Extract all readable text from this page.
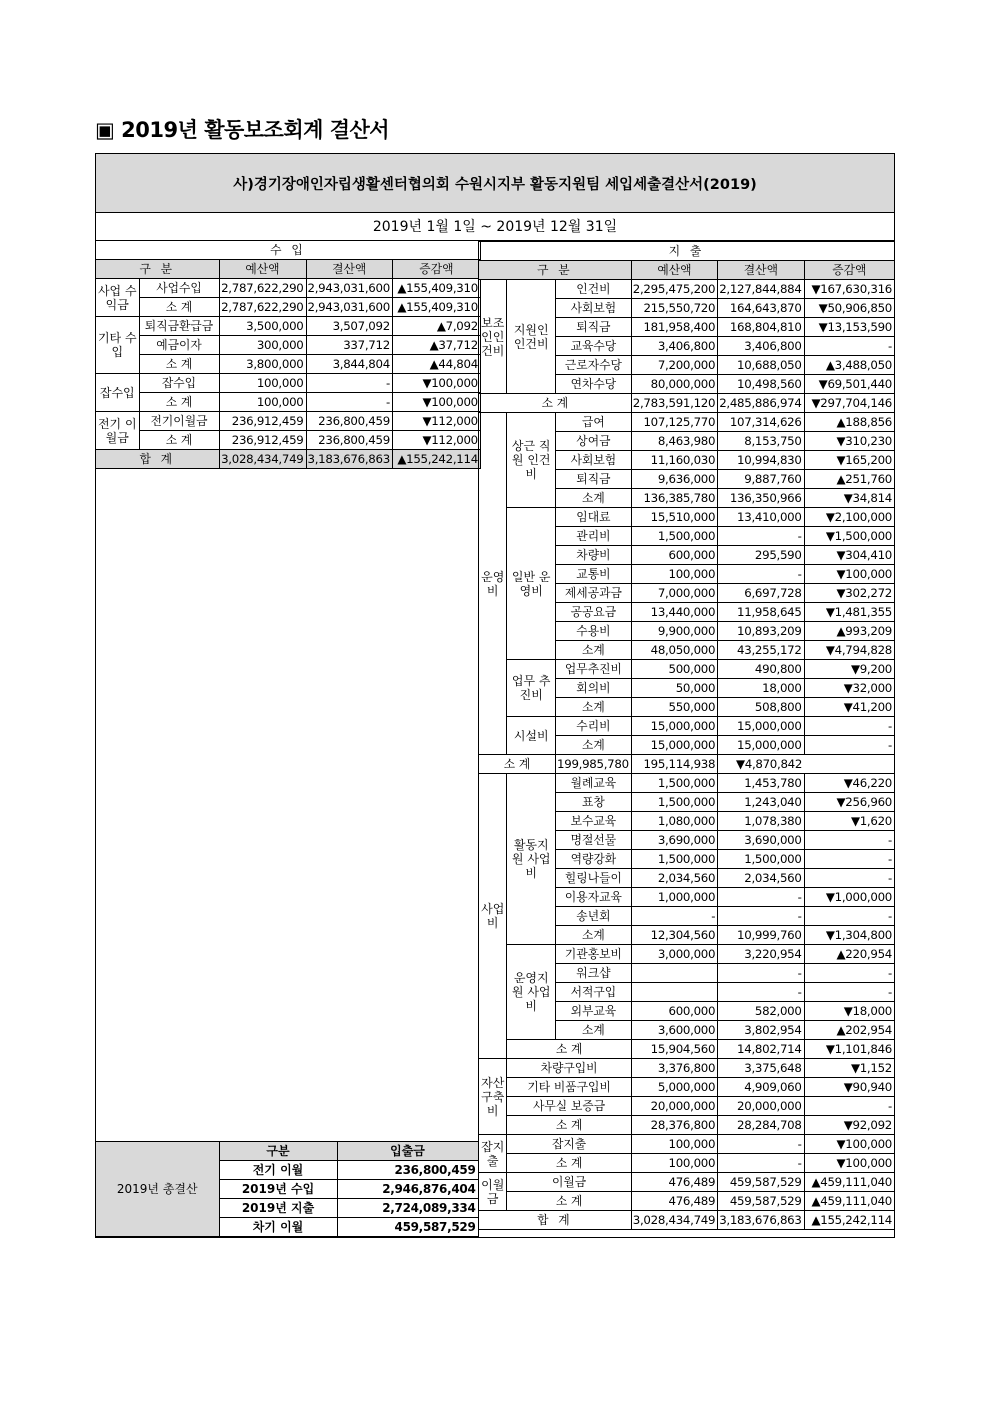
▣ 2019년 활동보조회계 결산서
사)경기장애인자립생활센터협의회 수원시지부 활동지원팀 세입세출결산서(2019)
2019년 1월 1일 ~ 2019년 12월 31일
수 입				
구 분		예산액	결산액	증감액
사업 수익금	사업수입	2,787,622,290	2,943,031,600	▲155,409,310
	소 계	2,787,622,290	2,943,031,600	▲155,409,310
기타 수입	퇴직금환급금	3,500,000	3,507,092	▲7,092
	예금이자	300,000	337,712	▲37,712
	소 계	3,800,000	3,844,804	▲44,804
잡수입	잡수입	100,000	-	▼100,000
	소 계	100,000	-	▼100,000
전기 이월금	전기이월금	236,912,459	236,800,459	▼112,000
	소 계	236,912,459	236,800,459	▼112,000
합 계		3,028,434,749	3,183,676,863	▲155,242,114
지 출					
구 분			예산액	결산액	증감액
보조인인건비	지원인 인건비	인건비	2,295,475,200	2,127,844,884	▼167,630,316
		사회보험	215,550,720	164,643,870	▼50,906,850
		퇴직금	181,958,400	168,804,810	▼13,153,590
		교육수당	3,406,800	3,406,800	-
		근로자수당	7,200,000	10,688,050	▲3,488,050
		연차수당	80,000,000	10,498,560	▼69,501,440
소 계			2,783,591,120	2,485,886,974	▼297,704,146
운영비	상근 직원 인건비	급여	107,125,770	107,314,626	▲188,856
		상여금	8,463,980	8,153,750	▼310,230
		사회보험	11,160,030	10,994,830	▼165,200
		퇴직금	9,636,000	9,887,760	▲251,760
		소계	136,385,780	136,350,966	▼34,814
	일반 운영비	임대료	15,510,000	13,410,000	▼2,100,000
		관리비	1,500,000	-	▼1,500,000
		차량비	600,000	295,590	▼304,410
		교통비	100,000	-	▼100,000
		제세공과금	7,000,000	6,697,728	▼302,272
		공공요금	13,440,000	11,958,645	▼1,481,355
		수용비	9,900,000	10,893,209	▲993,209
		소계	48,050,000	43,255,172	▼4,794,828
	업무 추진비	업무추진비	500,000	490,800	▼9,200
		회의비	50,000	18,000	▼32,000
		소계	550,000	508,800	▼41,200
	시설비	수리비	15,000,000	15,000,000	-
		소계	15,000,000	15,000,000	-
소 계		199,985,780	195,114,938	▼4,870,842	
사업비	활동지원 사업비	월례교육	1,500,000	1,453,780	▼46,220
		표창	1,500,000	1,243,040	▼256,960
		보수교육	1,080,000	1,078,380	▼1,620
		명절선물	3,690,000	3,690,000	-
		역량강화	1,500,000	1,500,000	-
		힐링나들이	2,034,560	2,034,560	-
		이용자교육	1,000,000	-	▼1,000,000
		송년회	-	-	-
		소계	12,304,560	10,999,760	▼1,304,800
	운영지원 사업비	기관홍보비	3,000,000	3,220,954	▲220,954
		워크샵		-	-
		서적구입		-	-
		외부교육	600,000	582,000	▼18,000
		소계	3,600,000	3,802,954	▲202,954
	소 계		15,904,560	14,802,714	▼1,101,846
자산구축비	차량구입비		3,376,800	3,375,648	▼1,152
	기타 비품구입비		5,000,000	4,909,060	▼90,940
	사무실 보증금		20,000,000	20,000,000	-
	소 계		28,376,800	28,284,708	▼92,092
잡지출	잡지출		100,000	-	▼100,000
	소 계		100,000	-	▼100,000
이월금	이월금		476,489	459,587,529	▲459,111,040
	소 계		476,489	459,587,529	▲459,111,040
합 계			3,028,434,749	3,183,676,863	▲155,242,114
2019년 총결산	구분	입출금
	전기 이월	236,800,459
	2019년 수입	2,946,876,404
	2019년 지출	2,724,089,334
	차기 이월	459,587,529
